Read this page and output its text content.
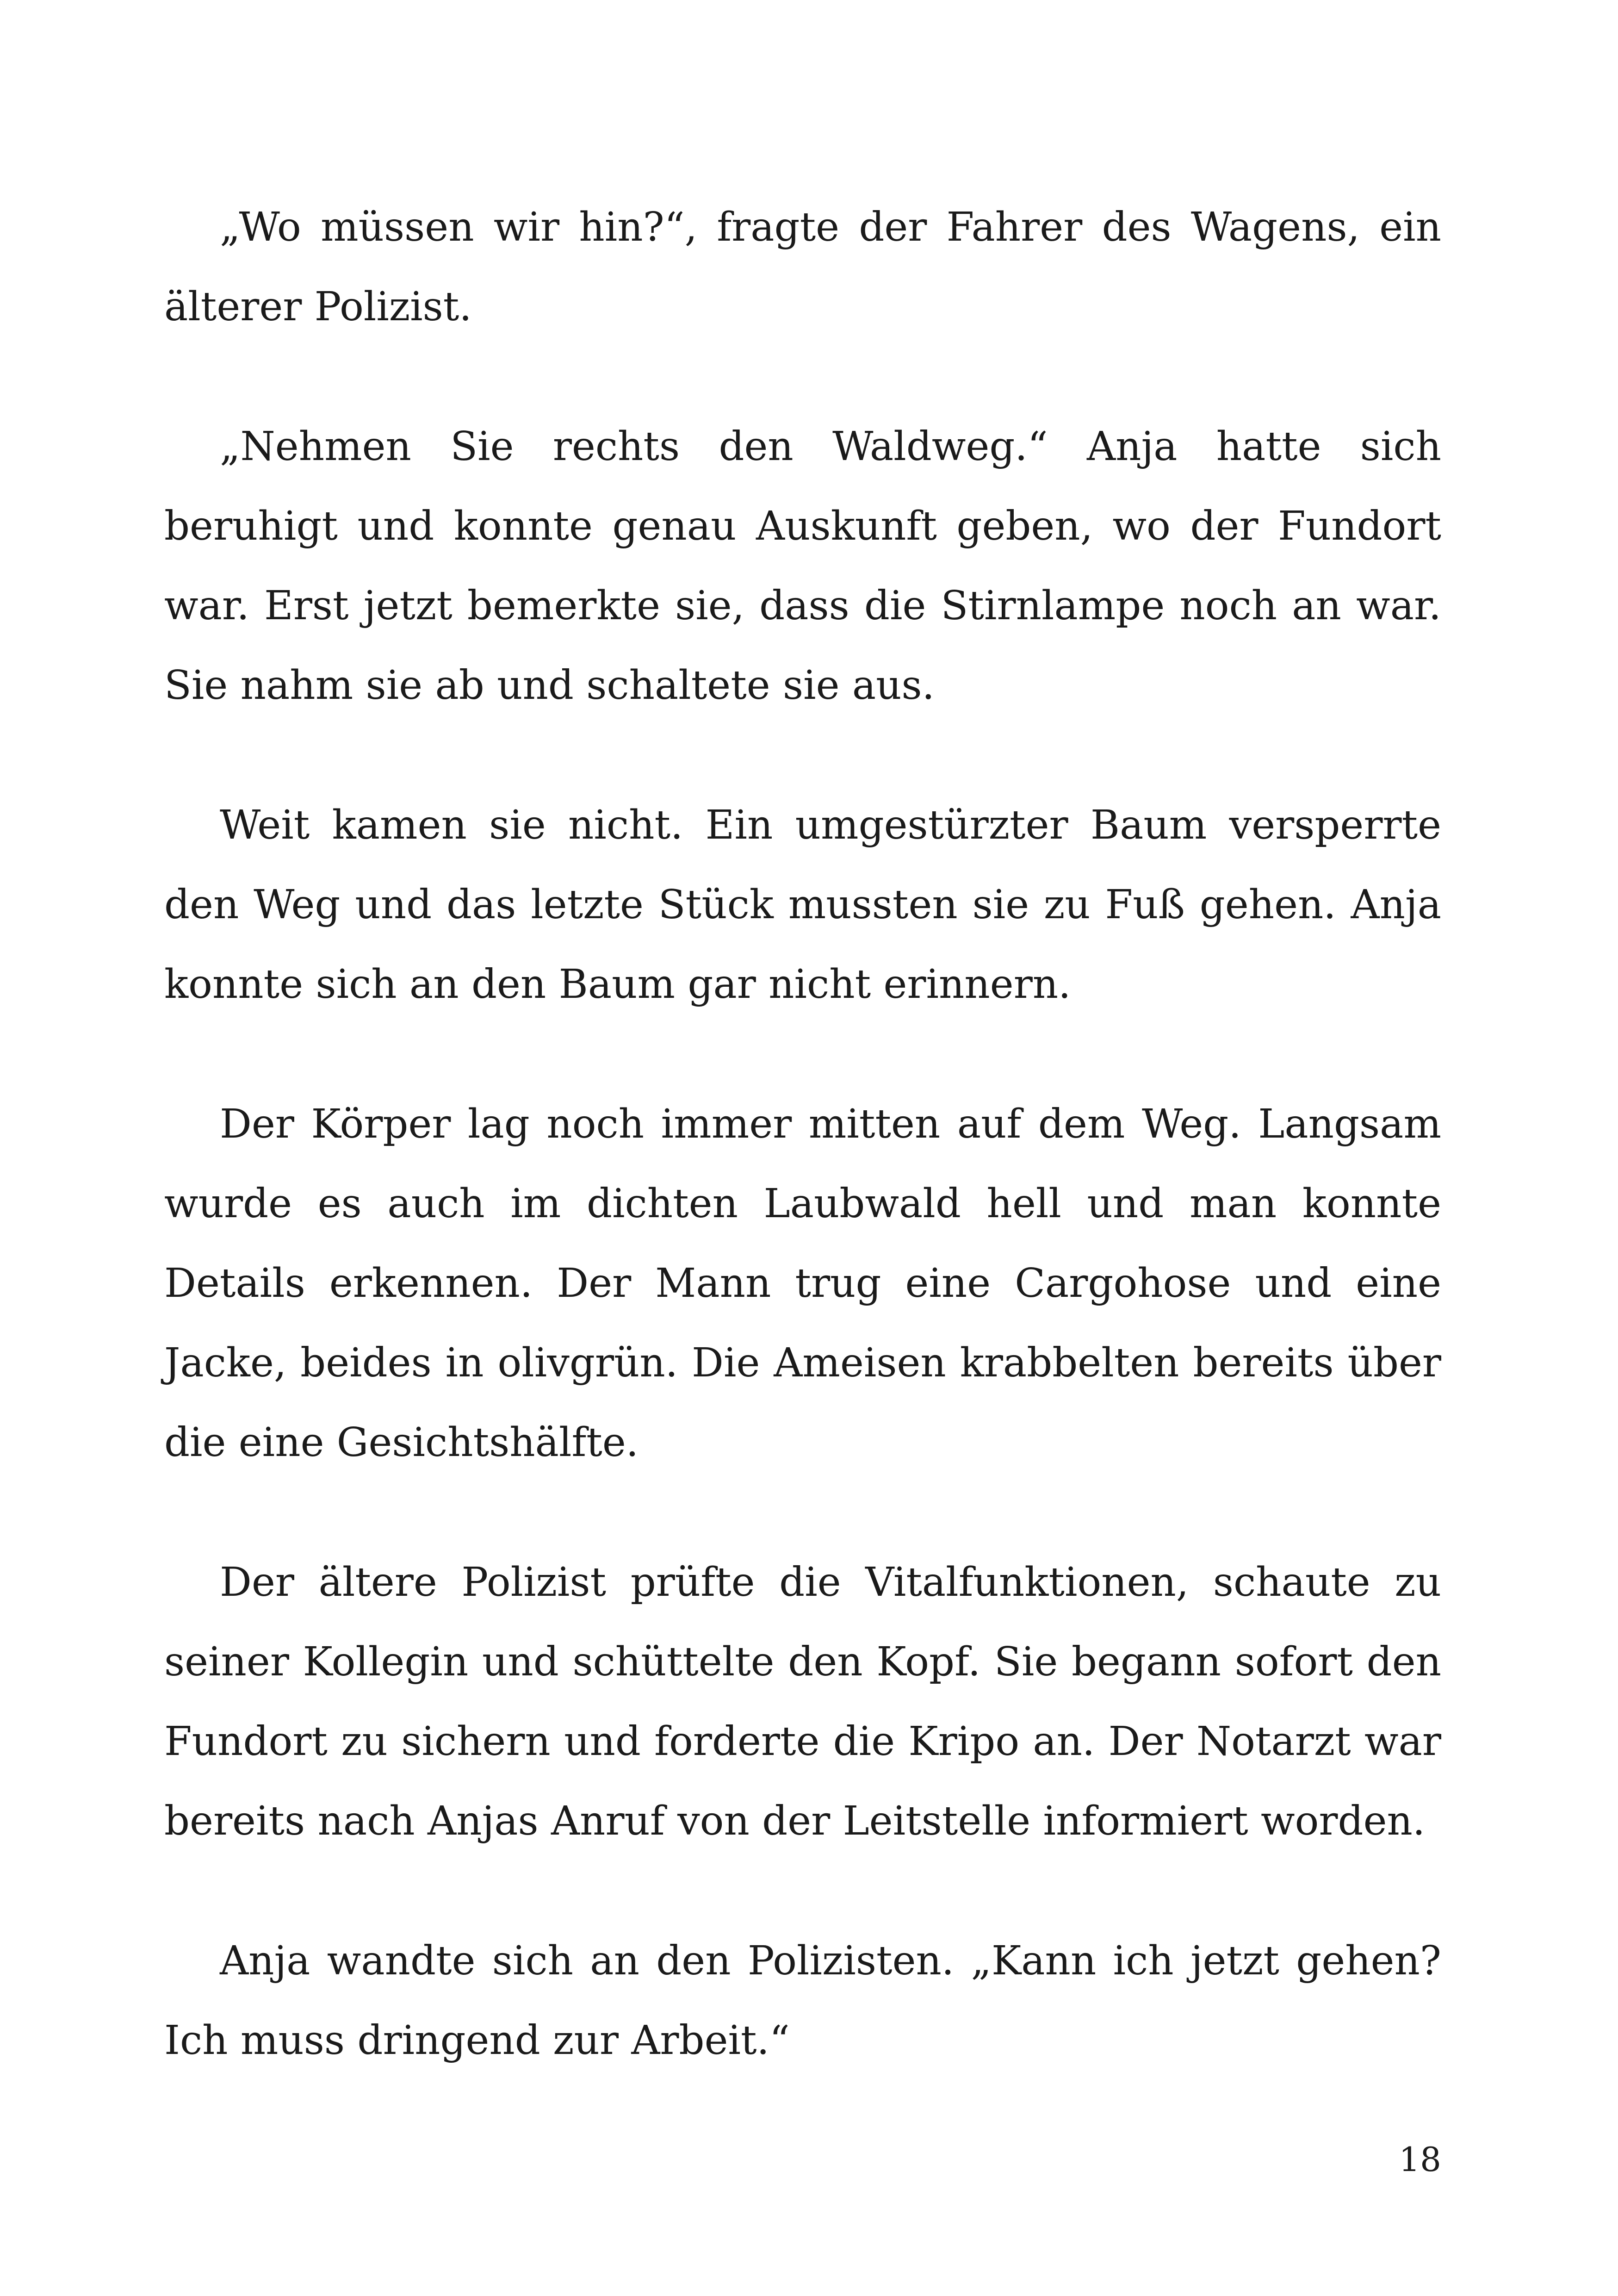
„Wo müssen wir hin?“, fragte der Fahrer des Wagens, ein älterer Polizist.

„Nehmen Sie rechts den Waldweg.“ Anja hatte sich beruhigt und konnte genau Auskunft geben, wo der Fundort war. Erst jetzt bemerkte sie, dass die Stirnlampe noch an war. Sie nahm sie ab und schaltete sie aus.

Weit kamen sie nicht. Ein umgestürzter Baum versperrte den Weg und das letzte Stück mussten sie zu Fuß gehen. Anja konnte sich an den Baum gar nicht erinnern.

Der Körper lag noch immer mitten auf dem Weg. Langsam wurde es auch im dichten Laubwald hell und man konnte Details erkennen. Der Mann trug eine Cargohose und eine Jacke, beides in olivgrün. Die Ameisen krabbelten bereits über die eine Gesichtshälfte.

Der ältere Polizist prüfte die Vitalfunktionen, schaute zu seiner Kollegin und schüttelte den Kopf. Sie begann sofort den Fundort zu sichern und forderte die Kripo an. Der Notarzt war bereits nach Anjas Anruf von der Leitstelle informiert worden.

Anja wandte sich an den Polizisten. „Kann ich jetzt gehen? Ich muss dringend zur Arbeit.“

18
